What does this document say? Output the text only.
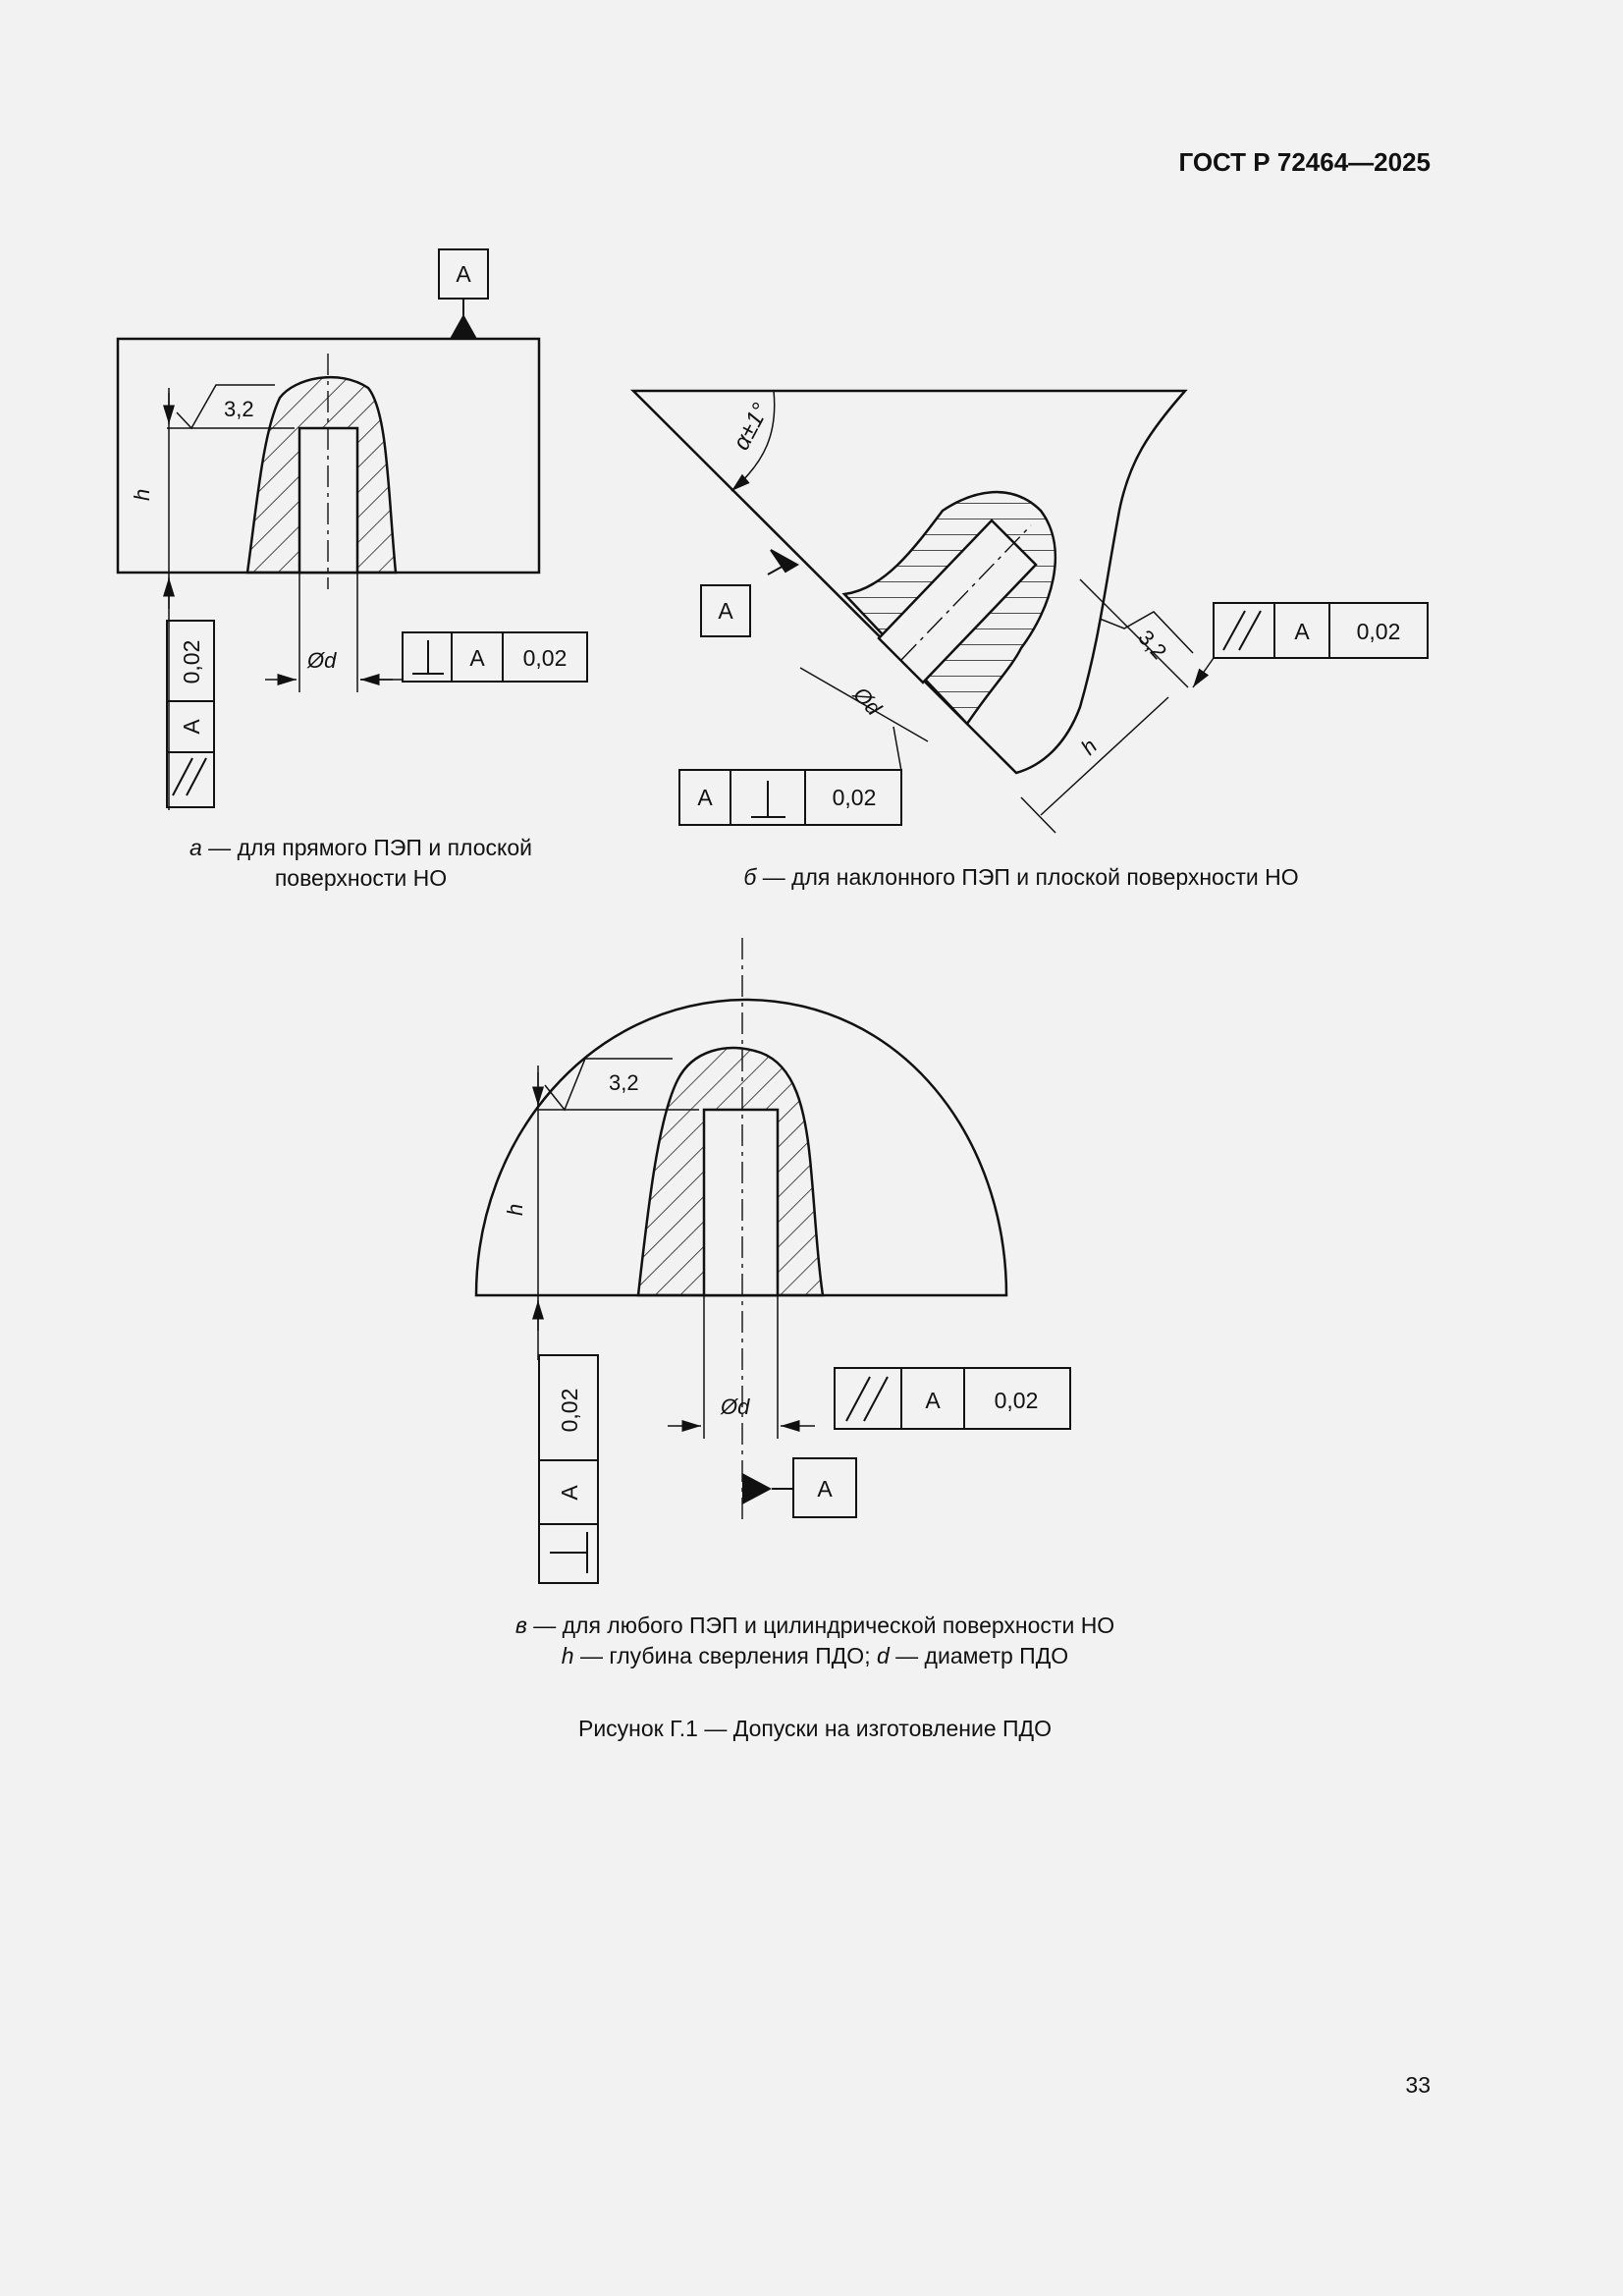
ГОСТ Р 72464—2025
A
h
3,2
Ød	A 0,02
A
0,02
α±1°
A
Ød
A	0,02
h
3,2	A 0,02
h
3,2
Ød	A 0,02
A
A
0,02
а — для прямого ПЭП и плоской
поверхности НО	б — для наклонного ПЭП и плоской поверхности НО
в — для любого ПЭП и цилиндрической поверхности НО
h — глубина сверления ПДО; d — диаметр ПДО
Рисунок Г.1 — Допуски на изготовление ПДО
33
